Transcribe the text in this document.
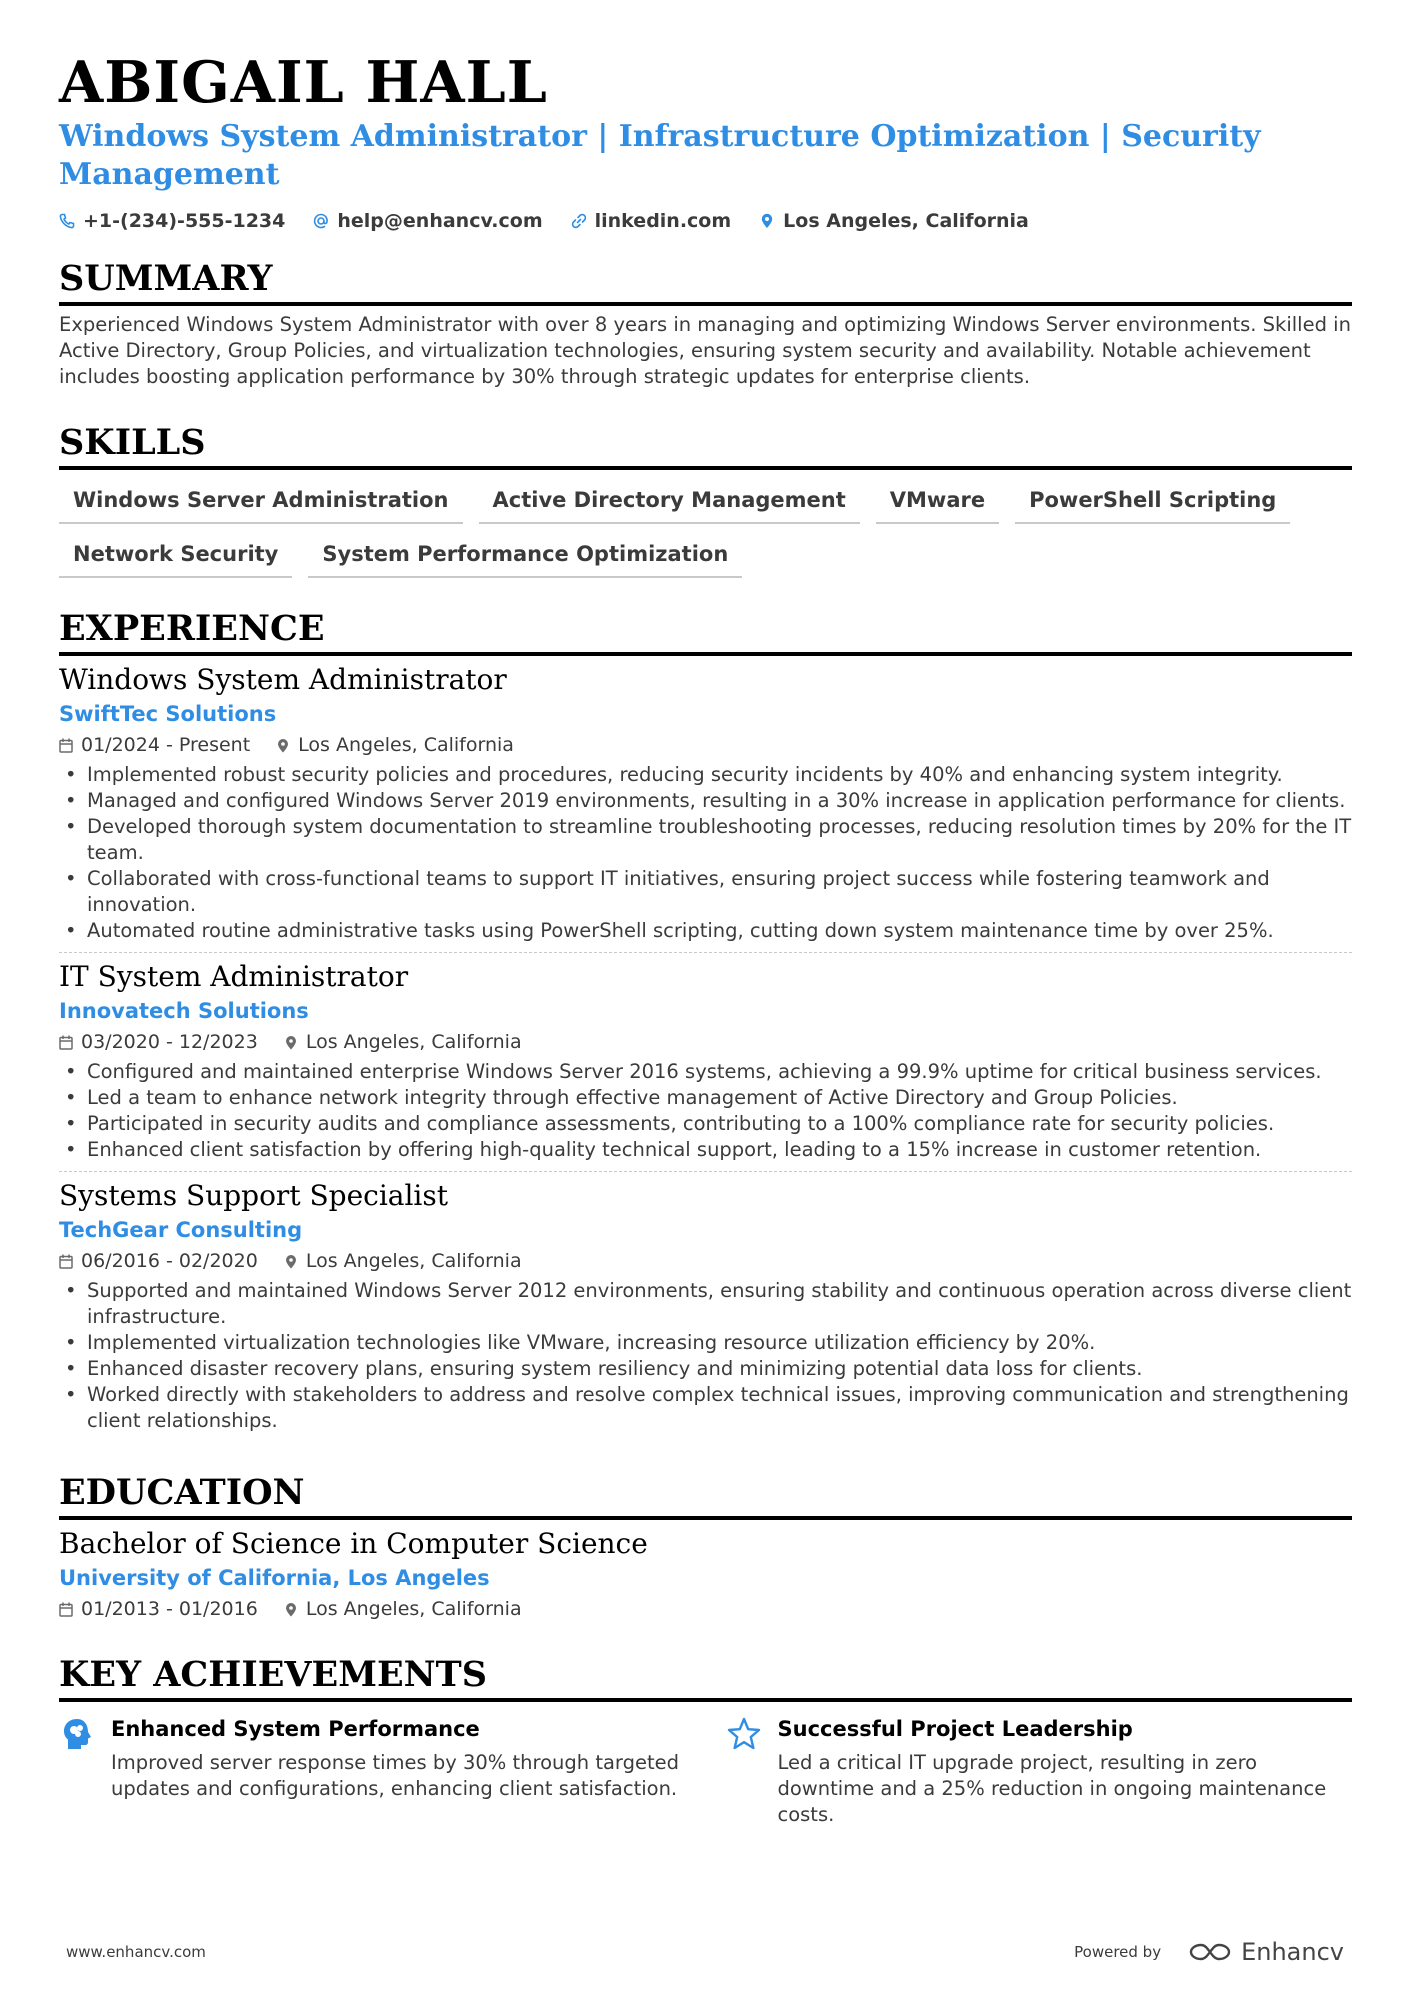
ABIGAIL HALL
Windows System Administrator | Infrastructure Optimization | Security Management
+1-(234)-555-1234	help@enhancv.com	linkedin.com	Los Angeles, California
SUMMARY
Experienced Windows System Administrator with over 8 years in managing and optimizing Windows Server environments. Skilled in Active Directory, Group Policies, and virtualization technologies, ensuring system security and availability. Notable achievement includes boosting application performance by 30% through strategic updates for enterprise clients.
SKILLS
Windows Server Administration	Active Directory Management	VMware	PowerShell Scripting
Network Security	System Performance Optimization
EXPERIENCE
Windows System Administrator
SwiftTec Solutions
01/2024 - Present	Los Angeles, California
• Implemented robust security policies and procedures, reducing security incidents by 40% and enhancing system integrity.
• Managed and configured Windows Server 2019 environments, resulting in a 30% increase in application performance for clients.
• Developed thorough system documentation to streamline troubleshooting processes, reducing resolution times by 20% for the IT team.
• Collaborated with cross-functional teams to support IT initiatives, ensuring project success while fostering teamwork and innovation.
• Automated routine administrative tasks using PowerShell scripting, cutting down system maintenance time by over 25%.
IT System Administrator
Innovatech Solutions
03/2020 - 12/2023	Los Angeles, California
• Configured and maintained enterprise Windows Server 2016 systems, achieving a 99.9% uptime for critical business services.
• Led a team to enhance network integrity through effective management of Active Directory and Group Policies.
• Participated in security audits and compliance assessments, contributing to a 100% compliance rate for security policies.
• Enhanced client satisfaction by offering high-quality technical support, leading to a 15% increase in customer retention.
Systems Support Specialist
TechGear Consulting
06/2016 - 02/2020	Los Angeles, California
• Supported and maintained Windows Server 2012 environments, ensuring stability and continuous operation across diverse client infrastructure.
• Implemented virtualization technologies like VMware, increasing resource utilization efficiency by 20%.
• Enhanced disaster recovery plans, ensuring system resiliency and minimizing potential data loss for clients.
• Worked directly with stakeholders to address and resolve complex technical issues, improving communication and strengthening client relationships.
EDUCATION
Bachelor of Science in Computer Science
University of California, Los Angeles
01/2013 - 01/2016	Los Angeles, California
KEY ACHIEVEMENTS
Enhanced System Performance
Improved server response times by 30% through targeted updates and configurations, enhancing client satisfaction.
Successful Project Leadership
Led a critical IT upgrade project, resulting in zero downtime and a 25% reduction in ongoing maintenance costs.
www.enhancv.com	Powered by	Enhancv
